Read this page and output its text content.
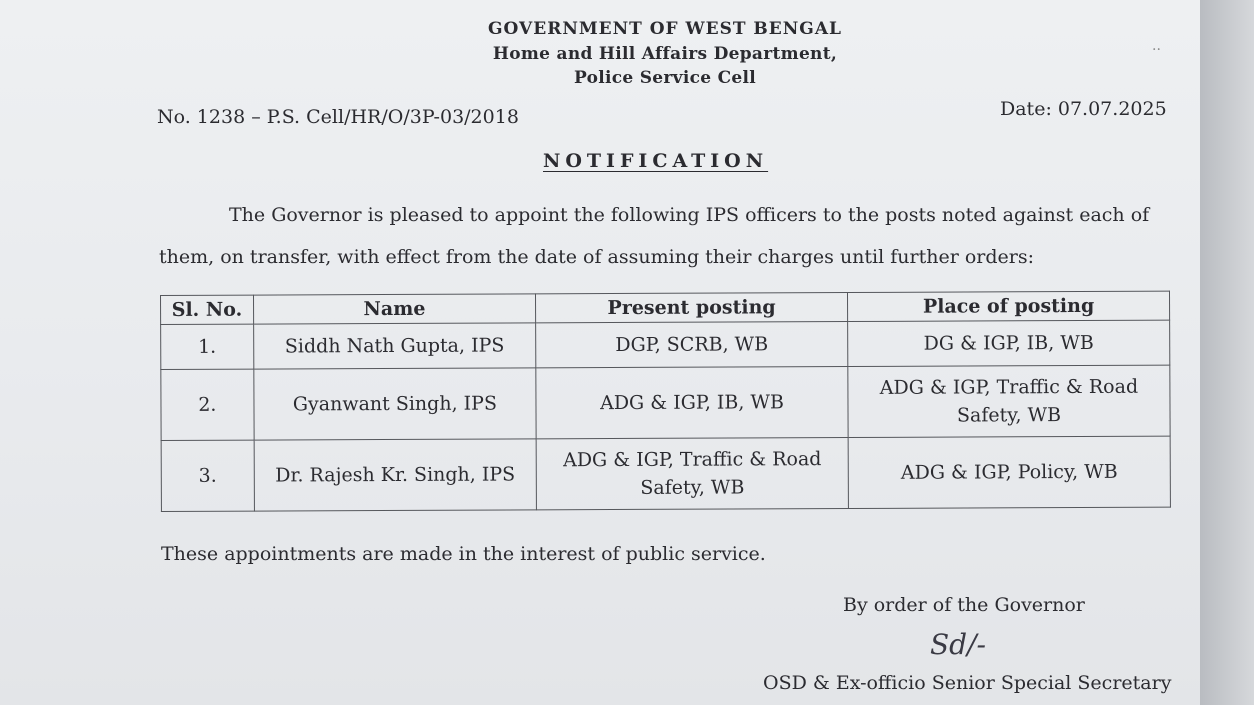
GOVERNMENT OF WEST BENGAL
Home and Hill Affairs Department,
Police Service Cell
..
No. 1238 – P.S. Cell/HR/O/3P-03/2018	Date: 07.07.2025
NOTIFICATION
The Governor is pleased to appoint the following IPS officers to the posts noted against each of
them, on transfer, with effect from the date of assuming their charges until further orders:
Sl. No.	Name	Present posting	Place of posting
1.	Siddh Nath Gupta, IPS	DGP, SCRB, WB	DG & IGP, IB, WB
2.	Gyanwant Singh, IPS	ADG & IGP, IB, WB	ADG & IGP, Traffic & Road Safety, WB
3.	Dr. Rajesh Kr. Singh, IPS	ADG & IGP, Traffic & Road Safety, WB	ADG & IGP, Policy, WB
These appointments are made in the interest of public service.
By order of the Governor
Sd/-
OSD & Ex-officio Senior Special Secretary
